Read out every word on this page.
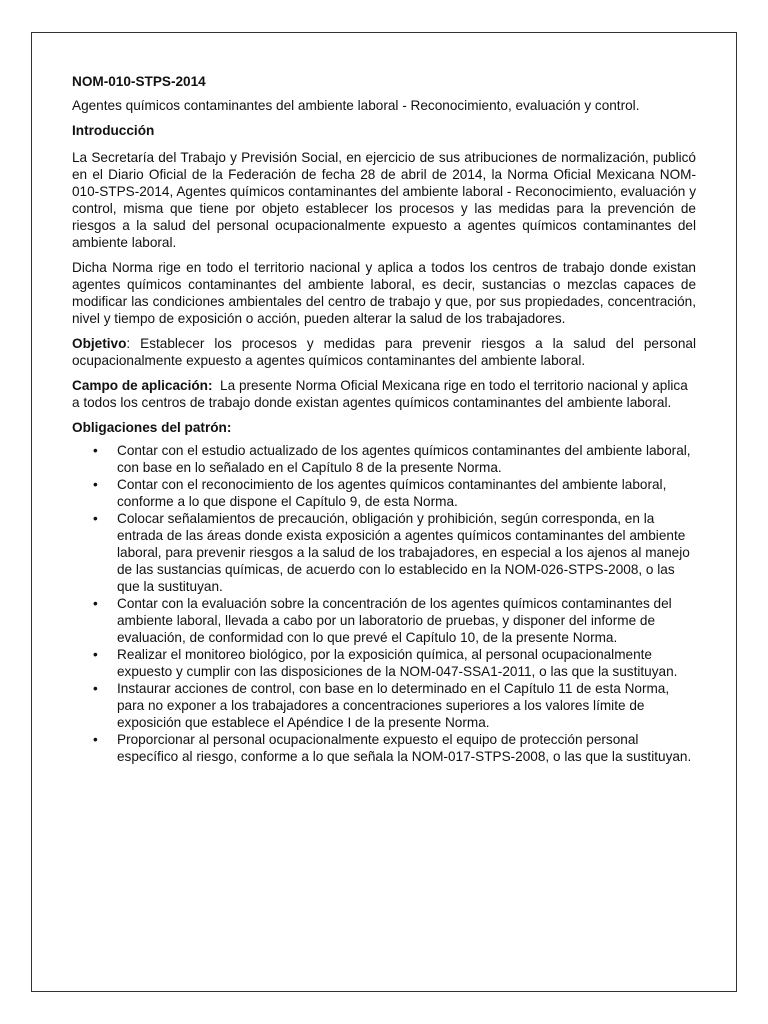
NOM-010-STPS-2014

Agentes químicos contaminantes del ambiente laboral - Reconocimiento, evaluación y control.

Introducción

La Secretaría del Trabajo y Previsión Social, en ejercicio de sus atribuciones de normalización, publicó en el Diario Oficial de la Federación de fecha 28 de abril de 2014, la Norma Oficial Mexicana NOM-010-STPS-2014, Agentes químicos contaminantes del ambiente laboral - Reconocimiento, evaluación y control, misma que tiene por objeto establecer los procesos y las medidas para la prevención de riesgos a la salud del personal ocupacionalmente expuesto a agentes químicos contaminantes del ambiente laboral.

Dicha Norma rige en todo el territorio nacional y aplica a todos los centros de trabajo donde existan agentes químicos contaminantes del ambiente laboral, es decir, sustancias o mezclas capaces de modificar las condiciones ambientales del centro de trabajo y que, por sus propiedades, concentración, nivel y tiempo de exposición o acción, pueden alterar la salud de los trabajadores.

Objetivo: Establecer los procesos y medidas para prevenir riesgos a la salud del personal ocupacionalmente expuesto a agentes químicos contaminantes del ambiente laboral.

Campo de aplicación:  La presente Norma Oficial Mexicana rige en todo el territorio nacional y aplica a todos los centros de trabajo donde existan agentes químicos contaminantes del ambiente laboral.

Obligaciones del patrón:
• Contar con el estudio actualizado de los agentes químicos contaminantes del ambiente laboral, con base en lo señalado en el Capítulo 8 de la presente Norma.
• Contar con el reconocimiento de los agentes químicos contaminantes del ambiente laboral, conforme a lo que dispone el Capítulo 9, de esta Norma.
• Colocar señalamientos de precaución, obligación y prohibición, según corresponda, en la entrada de las áreas donde exista exposición a agentes químicos contaminantes del ambiente laboral, para prevenir riesgos a la salud de los trabajadores, en especial a los ajenos al manejo de las sustancias químicas, de acuerdo con lo establecido en la NOM-026-STPS-2008, o las que la sustituyan.
• Contar con la evaluación sobre la concentración de los agentes químicos contaminantes del ambiente laboral, llevada a cabo por un laboratorio de pruebas, y disponer del informe de evaluación, de conformidad con lo que prevé el Capítulo 10, de la presente Norma.
• Realizar el monitoreo biológico, por la exposición química, al personal ocupacionalmente expuesto y cumplir con las disposiciones de la NOM-047-SSA1-2011, o las que la sustituyan.
• Instaurar acciones de control, con base en lo determinado en el Capítulo 11 de esta Norma, para no exponer a los trabajadores a concentraciones superiores a los valores límite de exposición que establece el Apéndice I de la presente Norma.
• Proporcionar al personal ocupacionalmente expuesto el equipo de protección personal específico al riesgo, conforme a lo que señala la NOM-017-STPS-2008, o las que la sustituyan.
